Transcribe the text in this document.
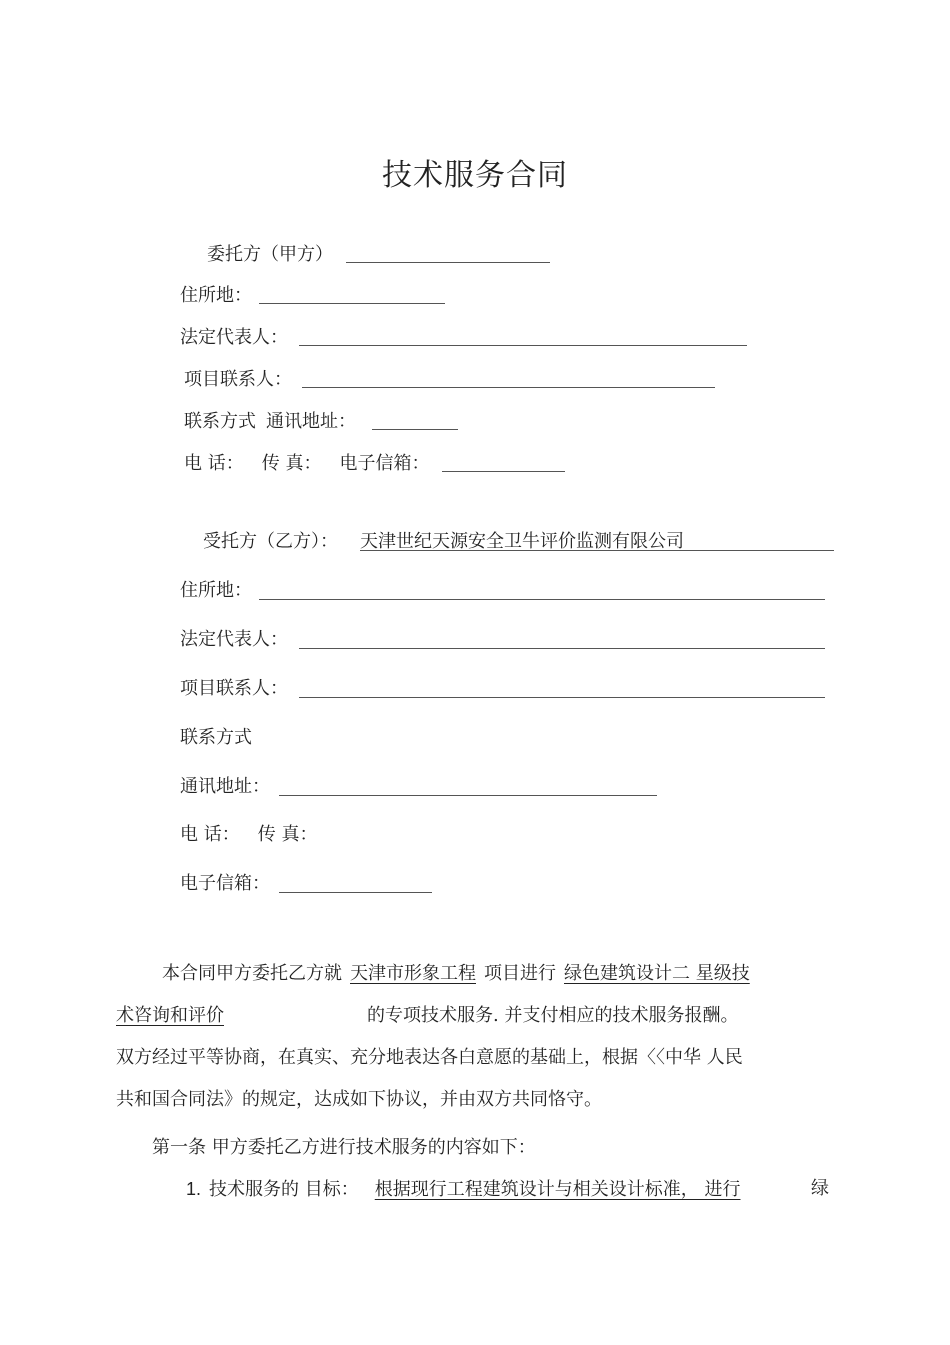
技术服务合同
委托方（甲方）
住所地：
法定代表人：
项目联系人：
联系方式 通讯地址：
电 话： 传 真： 电子信箱：
受托方（乙方）： 天津世纪天源安全卫牛评价监测有限公司
住所地：
法定代表人：
项目联系人：
联系方式
通讯地址：
电 话： 传 真：
电子信箱：
本合同甲方委托乙方就 天津市形象工程 项目进行 绿色建筑设计二 星级技
术咨询和评价	的专项技术服务. 并支付相应的技术服务报酬。
双方经过平等协商，在真实、充分地表达各白意愿的基础上，根据〈〈中华 人民
共和国合同法》的规定，达成如下协议，并由双方共同恪守。
第一条 甲方委托乙方进行技术服务的内容如下：
1. 技术服务的 目标： 根据现行工程建筑设计与相关设计标准， 进行	绿
